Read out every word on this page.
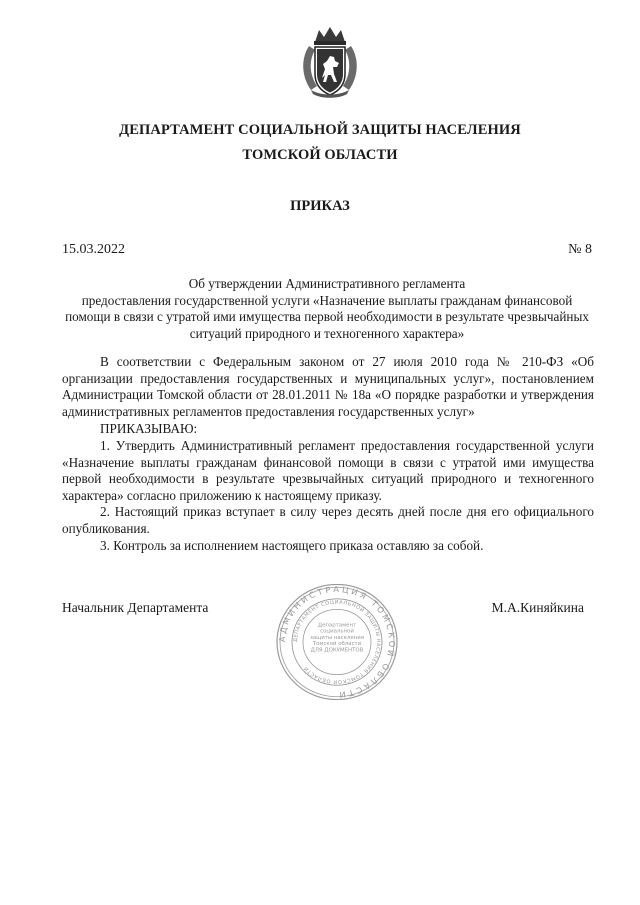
ДЕПАРТАМЕНТ СОЦИАЛЬНОЙ ЗАЩИТЫ НАСЕЛЕНИЯ
ТОМСКОЙ ОБЛАСТИ
ПРИКАЗ
15.03.2022	№ 8
Об утверждении Административного регламента
предоставления государственной услуги «Назначение выплаты гражданам финансовой помощи в связи с утратой ими имущества первой необходимости в результате чрезвычайных ситуаций природного и техногенного характера»

В соответствии с Федеральным законом от 27 июля 2010 года № 210-ФЗ «Об организации предоставления государственных и муниципальных услуг», постановлением Администрации Томской области от 28.01.2011 № 18а «О порядке разработки и утверждения административных регламентов предоставления государственных услуг»

ПРИКАЗЫВАЮ:

1. Утвердить Административный регламент предоставления государственной услуги «Назначение выплаты гражданам финансовой помощи в связи с утратой ими имущества первой необходимости в результате чрезвычайных ситуаций природного и техногенного характера» согласно приложению к настоящему приказу.

2. Настоящий приказ вступает в силу через десять дней после дня его официального опубликования.

3. Контроль за исполнением настоящего приказа оставляю за собой.

Начальник Департамента	М.А.Киняйкина
АДМИНИСТРАЦИЯ ТОМСКОЙ ОБЛАСТИ
ДЕПАРТАМЕНТ СОЦИАЛЬНОЙ ЗАЩИТЫ НАСЕЛЕНИЯ ТОМСКОЙ ОБЛАСТИ
Департамент социальной защиты населения Томской области ДЛЯ ДОКУМЕНТОВ
